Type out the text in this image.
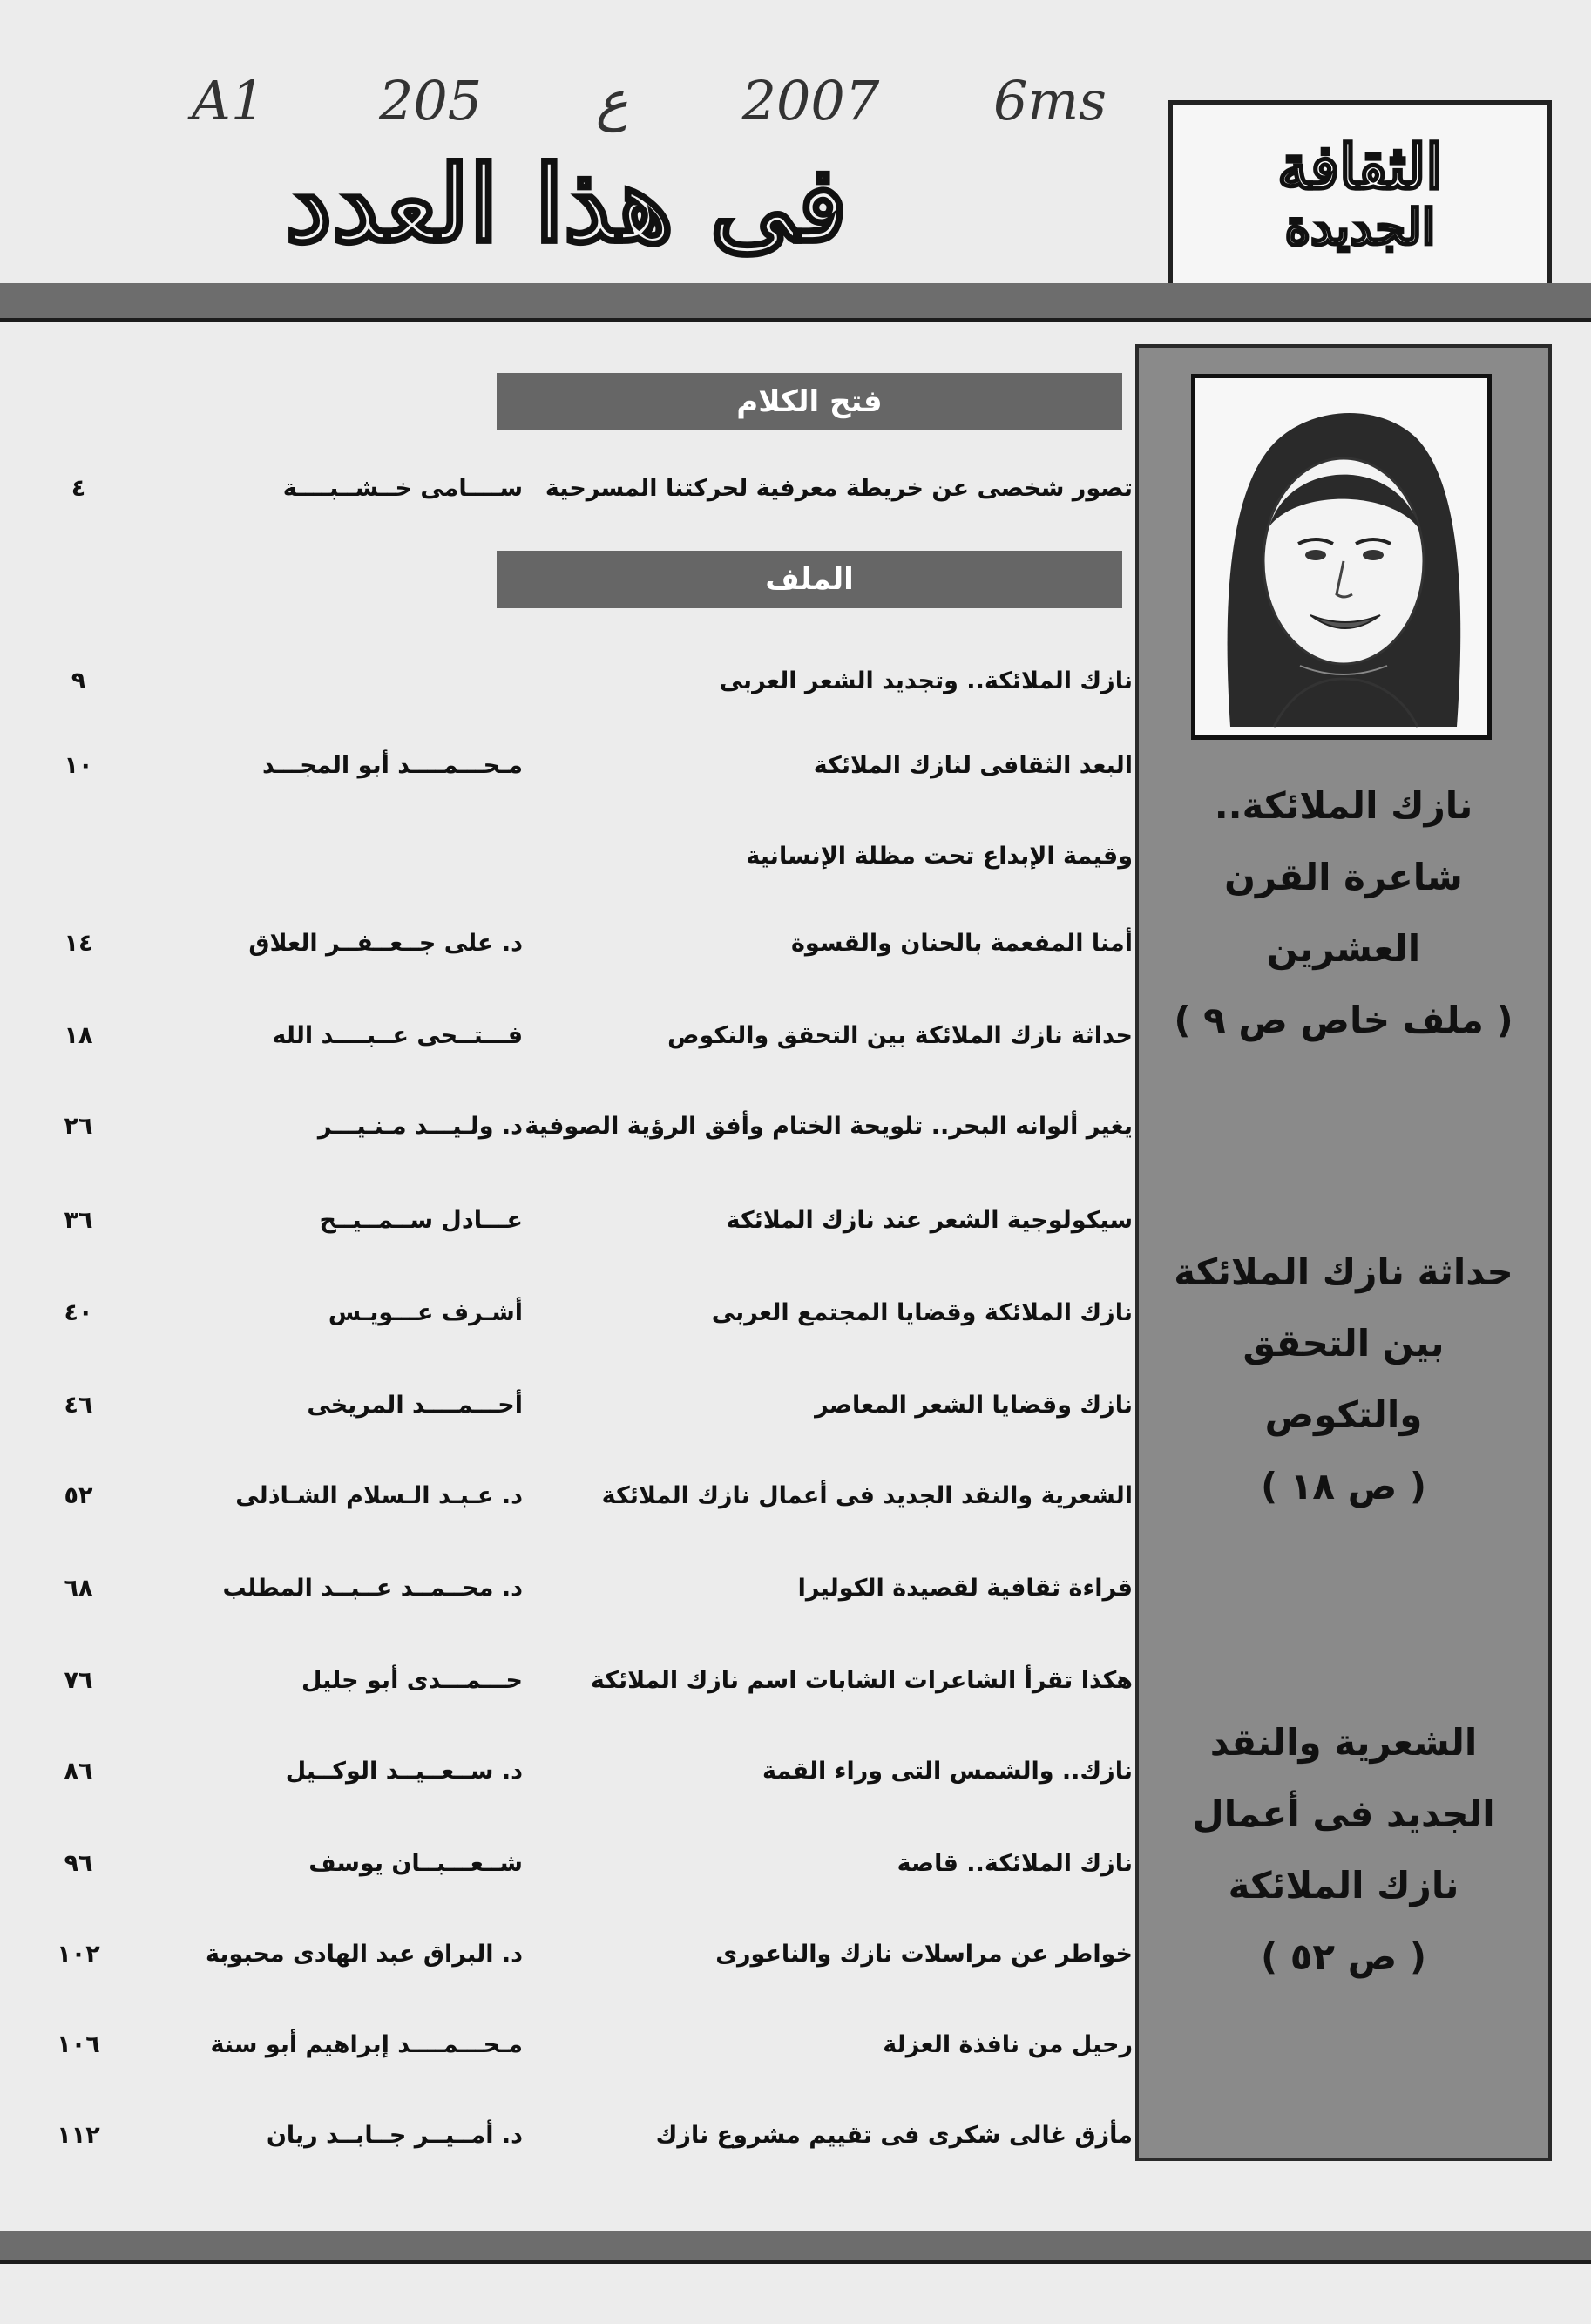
A1 205 ع 2007 6ms
الثقافة
الجديدة
فى هذا العدد
نازك الملائكة..
شاعرة القرن
العشرين
( ملف خاص ص ٩ )
حداثة نازك الملائكة
بين التحقق
والتكوص
( ص ١٨ )
الشعرية والنقد
الجديد فى أعمال
نازك الملائكة
( ص ٥٢ )
فتح الكلام
الملف
تصور شخصى عن خريطة معرفية لحركتنا المسرحية
ســــامى خــشــبــــة
٤
نازك الملائكة.. وتجديد الشعر العربى
٩
البعد الثقافى لنازك الملائكة
مـحـــمــــد أبو المجـــد
١٠
وقيمة الإبداع تحت مظلة الإنسانية
أمنا المفعمة بالحنان والقسوة
د. على جــعــفــر العلاق
١٤
حداثة نازك الملائكة بين التحقق والنكوص
فـــتــحى عــبــــد الله
١٨
يغير ألوانه البحر.. تلويحة الختام وأفق الرؤية الصوفية
د. ولـيـــد مـنـيـــر
٢٦
سيكولوجية الشعر عند نازك الملائكة
عـــادل ســمــيــح
٣٦
نازك الملائكة وقضايا المجتمع العربى
أشـرف عـــويـس
٤٠
نازك وقضايا الشعر المعاصر
أحـــمــــد المريخى
٤٦
الشعرية والنقد الجديد فى أعمال نازك الملائكة
د. عـبـد الـسلام الشـاذلى
٥٢
قراءة ثقافية لقصيدة الكوليرا
د. محــمــد عــبــد المطلب
٦٨
هكذا تقرأ الشاعرات الشابات اسم نازك الملائكة
حـــمـــدى أبو جليل
٧٦
نازك.. والشمس التى وراء القمة
د. ســعــيــد الوكــيل
٨٦
نازك الملائكة.. قاصة
شــعـــبــان يوسف
٩٦
خواطر عن مراسلات نازك والناعورى
د. البراق عبد الهادى محبوبة
١٠٢
رحيل من نافذة العزلة
مـحـــمــــد إبراهيم أبو سنة
١٠٦
مأزق غالى شكرى فى تقييم مشروع نازك
د. أمــيــر جــابــد ريان
١١٢
